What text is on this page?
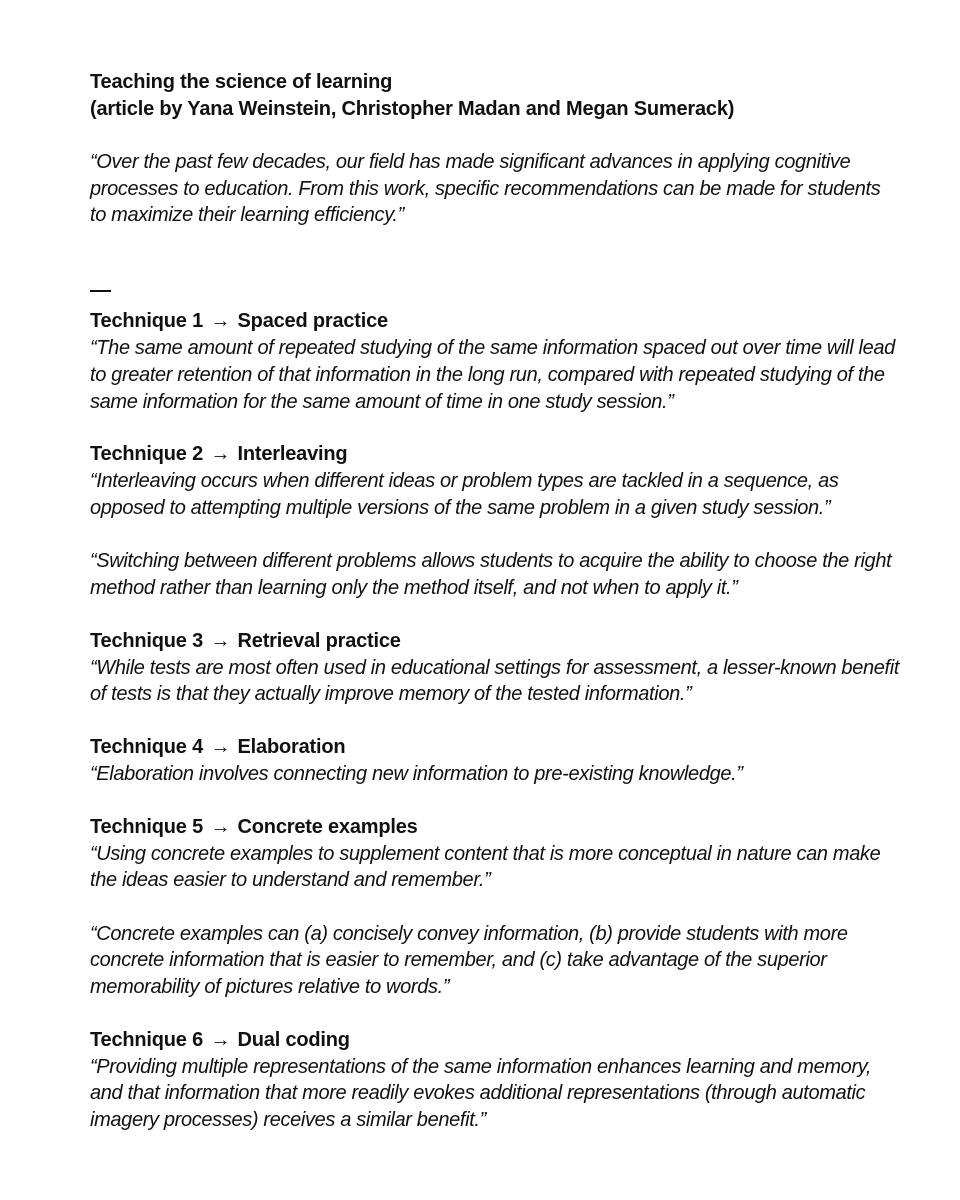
Teaching the science of learning

(article by Yana Weinstein, Christopher Madan and Megan Sumerack)

“Over the past few decades, our field has made significant advances in applying cognitive processes to education. From this work, specific recommendations can be made for students to maximize their learning efficiency.”

Technique 1 → Spaced practice

“The same amount of repeated studying of the same information spaced out over time will lead to greater retention of that information in the long run, compared with repeated studying of the same information for the same amount of time in one study session.”

Technique 2 → Interleaving

“Interleaving occurs when different ideas or problem types are tackled in a sequence, as opposed to attempting multiple versions of the same problem in a given study session.”

“Switching between different problems allows students to acquire the ability to choose the right method rather than learning only the method itself, and not when to apply it.”

Technique 3 → Retrieval practice

“While tests are most often used in educational settings for assessment, a lesser-known benefit of tests is that they actually improve memory of the tested information.”

Technique 4 → Elaboration

“Elaboration involves connecting new information to pre-existing knowledge.”

Technique 5 → Concrete examples

“Using concrete examples to supplement content that is more conceptual in nature can make the ideas easier to understand and remember.”

“Concrete examples can (a) concisely convey information, (b) provide students with more concrete information that is easier to remember, and (c) take advantage of the superior memorability of pictures relative to words.”

Technique 6 → Dual coding

“Providing multiple representations of the same information enhances learning and memory, and that information that more readily evokes additional representations (through automatic imagery processes) receives a similar benefit.”
